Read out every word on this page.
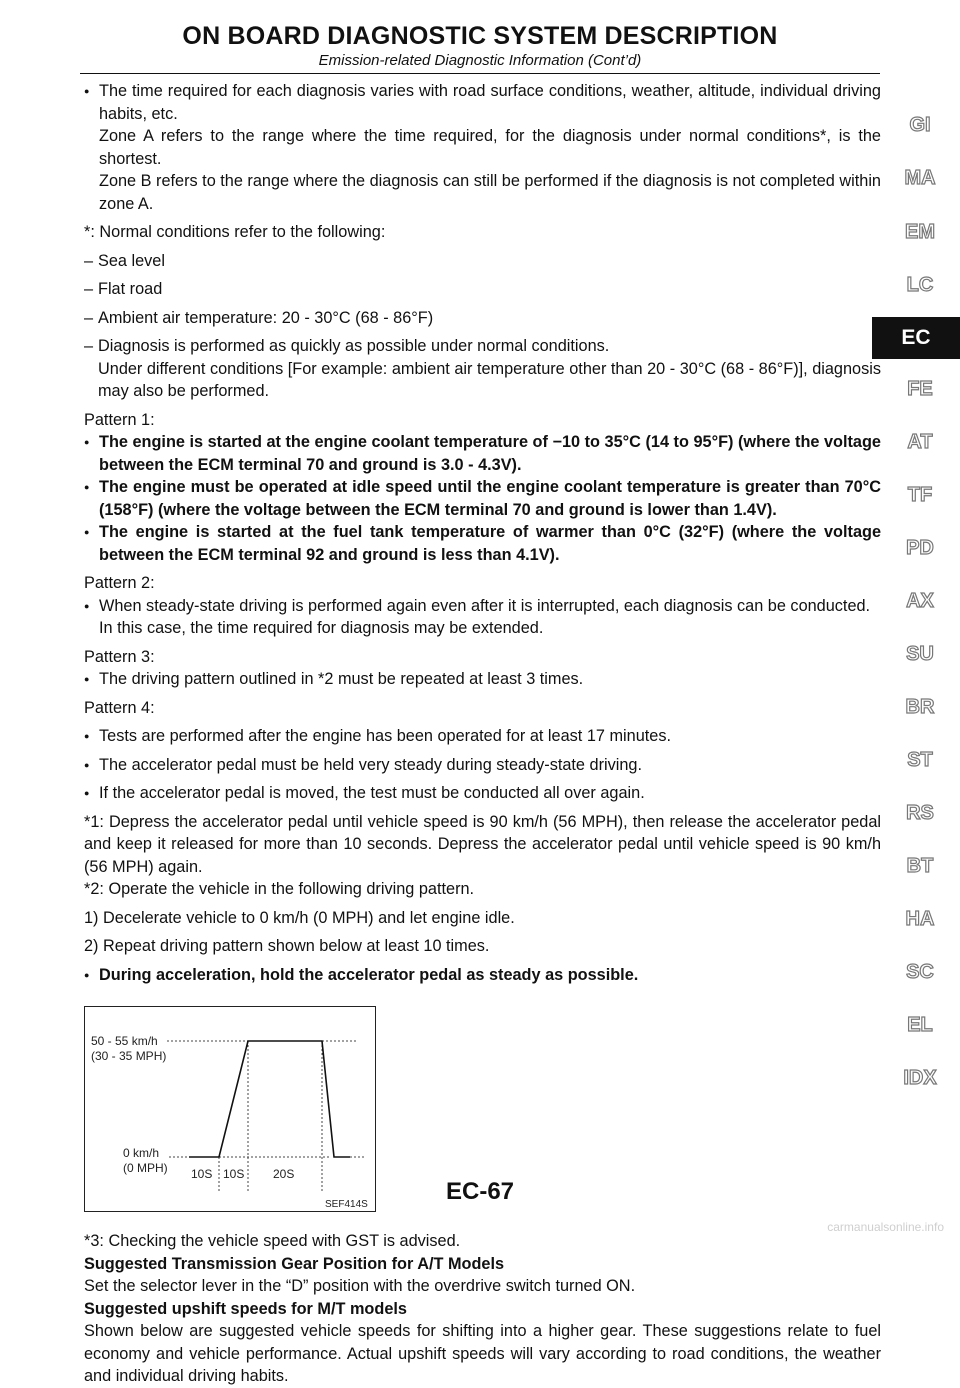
ON BOARD DIAGNOSTIC SYSTEM DESCRIPTION
Emission-related Diagnostic Information (Cont’d)

● The time required for each diagnosis varies with road surface conditions, weather, altitude, individual driving habits, etc.

Zone A refers to the range where the time required, for the diagnosis under normal conditions*, is the shortest.

Zone B refers to the range where the diagnosis can still be performed if the diagnosis is not completed within zone A.

*: Normal conditions refer to the following:

– Sea level

– Flat road

– Ambient air temperature: 20 - 30°C (68 - 86°F)

– Diagnosis is performed as quickly as possible under normal conditions.

Under different conditions [For example: ambient air temperature other than 20 - 30°C (68 - 86°F)], diagnosis may also be performed.

Pattern 1:

● The engine is started at the engine coolant temperature of −10 to 35°C (14 to 95°F) (where the voltage between the ECM terminal 70 and ground is 3.0 - 4.3V).

● The engine must be operated at idle speed until the engine coolant temperature is greater than 70°C (158°F) (where the voltage between the ECM terminal 70 and ground is lower than 1.4V).

● The engine is started at the fuel tank temperature of warmer than 0°C (32°F) (where the voltage between the ECM terminal 92 and ground is less than 4.1V).

Pattern 2:

● When steady-state driving is performed again even after it is interrupted, each diagnosis can be conducted.

In this case, the time required for diagnosis may be extended.

Pattern 3:

● The driving pattern outlined in *2 must be repeated at least 3 times.

Pattern 4:

● Tests are performed after the engine has been operated for at least 17 minutes.

● The accelerator pedal must be held very steady during steady-state driving.

● If the accelerator pedal is moved, the test must be conducted all over again.

*1: Depress the accelerator pedal until vehicle speed is 90 km/h (56 MPH), then release the accelerator pedal and keep it released for more than 10 seconds. Depress the accelerator pedal until vehicle speed is 90 km/h (56 MPH) again.

*2: Operate the vehicle in the following driving pattern.

1) Decelerate vehicle to 0 km/h (0 MPH) and let engine idle.

2) Repeat driving pattern shown below at least 10 times.

● During acceleration, hold the accelerator pedal as steady as possible.

50 - 55 km/h
(30 - 35 MPH)
0 km/h
(0 MPH) 10S 10S 20S
SEF414S

*3: Checking the vehicle speed with GST is advised.

Suggested Transmission Gear Position for A/T Models

Set the selector lever in the “D” position with the overdrive switch turned ON.

Suggested upshift speeds for M/T models

Shown below are suggested vehicle speeds for shifting into a higher gear. These suggestions relate to fuel economy and vehicle performance. Actual upshift speeds will vary according to road conditions, the weather and individual driving habits.

GI
MA
EM
LC
EC
FE
AT
TF
PD
AX
SU
BR
ST
RS
BT
HA
SC
EL
IDX
EC-67
carmanualsonline.info
